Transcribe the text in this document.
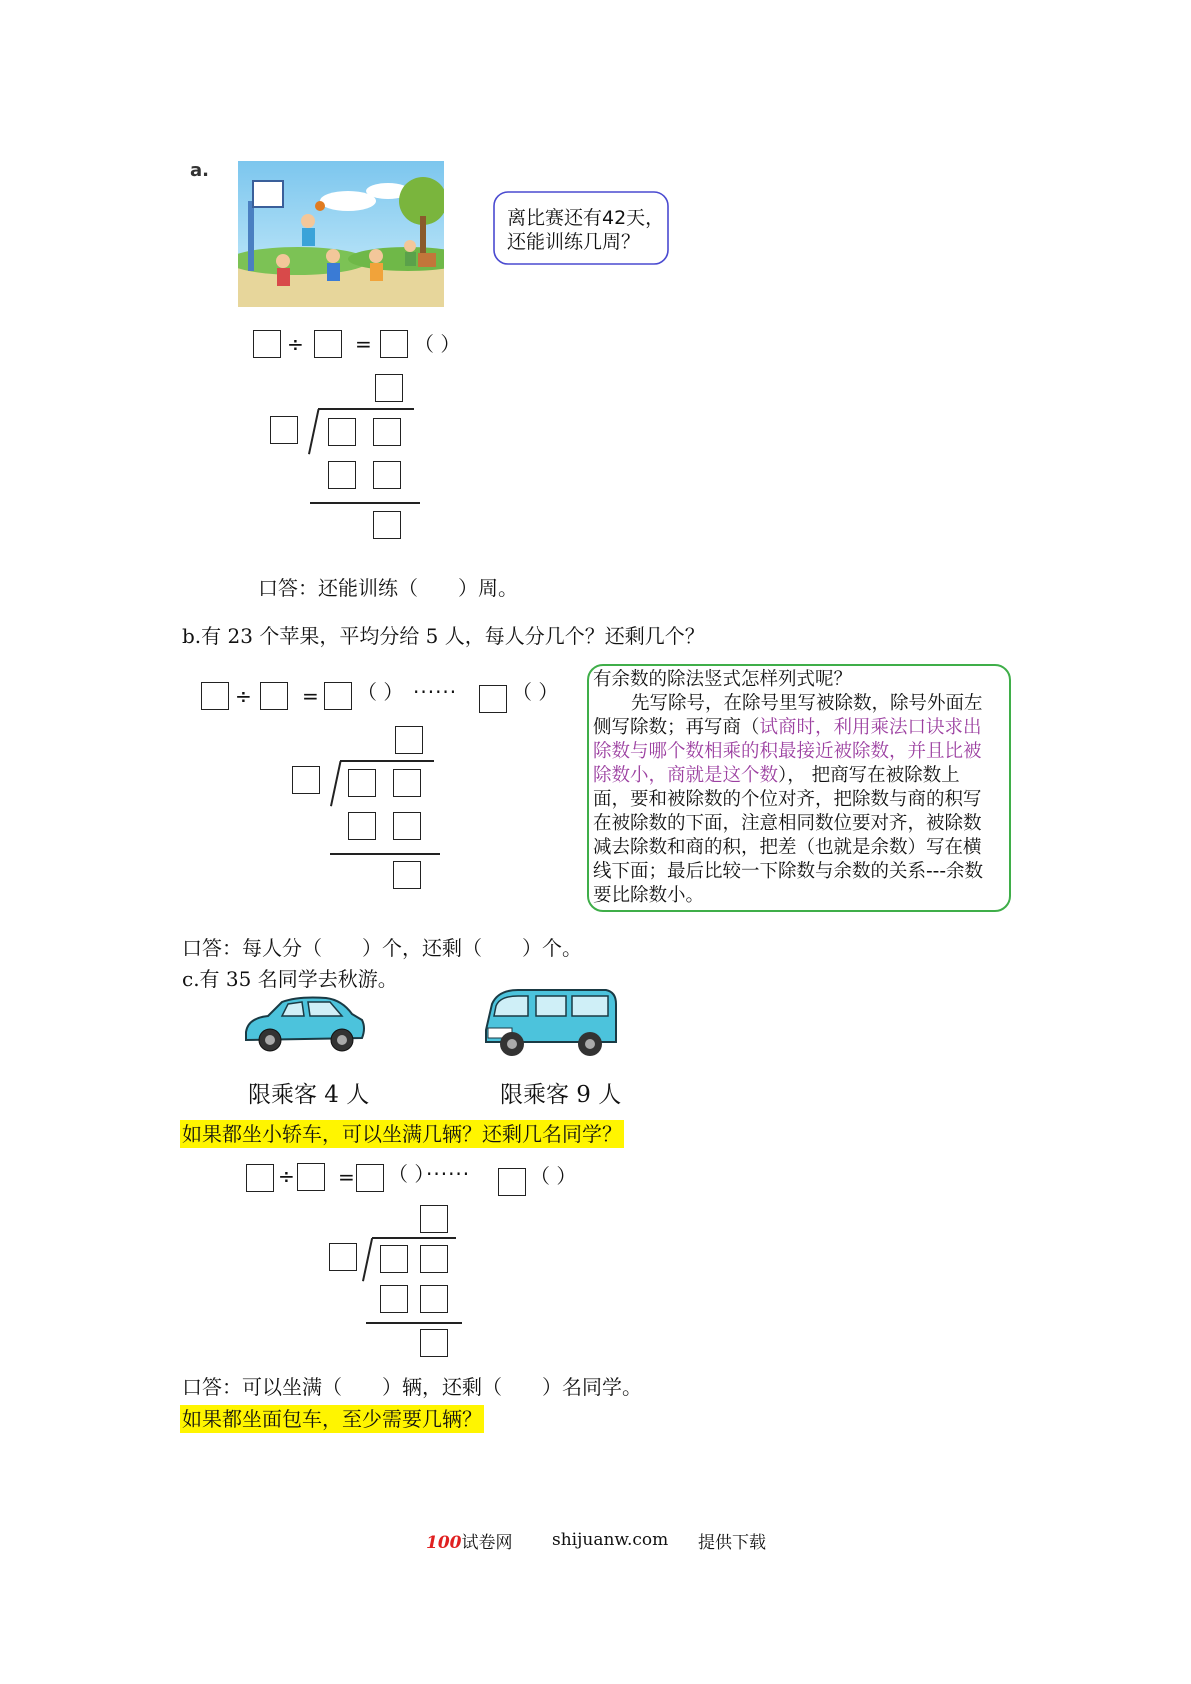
a.
离比赛还有42天，
还能训练几周？
÷	= （ ）
口答：还能训练（　　）周。
b.有 23 个苹果，平均分给 5 人，每人分几个？还剩几个？
÷	= （ ） ······	（ ）
有余数的除法竖式怎样列式呢？
先写除号，在除号里写被除数，除号外面左
侧写除数；再写商（试商时，利用乘法口诀求出
除数与哪个数相乘的积最接近被除数，并且比被
除数小，商就是这个数）， 把商写在被除数上
面，要和被除数的个位对齐，把除数与商的积写
在被除数的下面，注意相同数位要对齐，被除数
减去除数和商的积，把差（也就是余数）写在横
线下面；最后比较一下除数与余数的关系---余数
要比除数小。
口答：每人分（　　）个，还剩（　　）个。
c.有 35 名同学去秋游。
限乘客 4 人	限乘客 9 人
如果都坐小轿车，可以坐满几辆？还剩几名同学？
÷ = （ ）
······	（ ）
口答：可以坐满（　　）辆，还剩（　　）名同学。
如果都坐面包车，至少需要几辆？
100试卷网 shijuanw.com 提供下载
